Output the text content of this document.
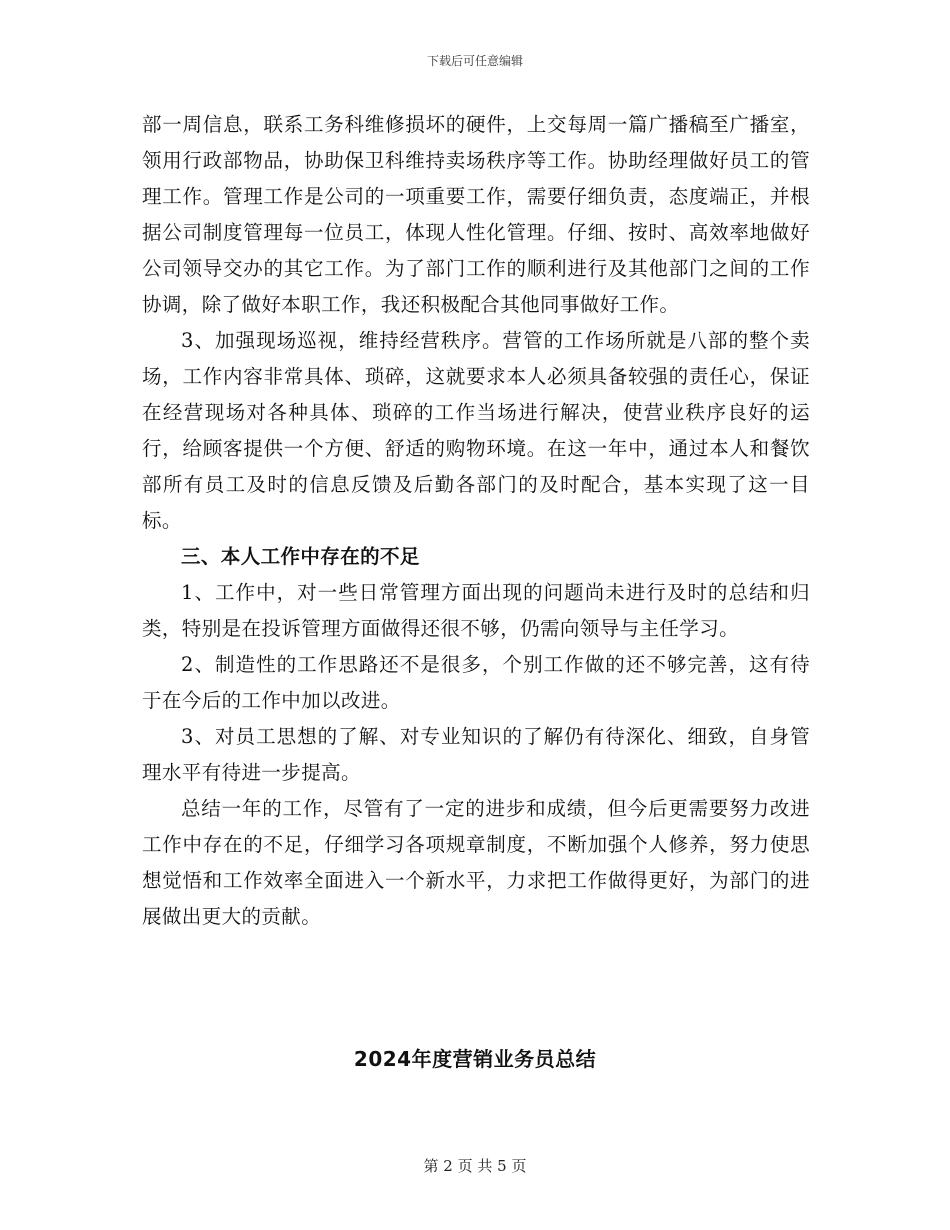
下载后可任意编辑

部一周信息，联系工务科维修损坏的硬件，上交每周一篇广播稿至广播室，领用行政部物品，协助保卫科维持卖场秩序等工作。协助经理做好员工的管理工作。管理工作是公司的一项重要工作，需要仔细负责，态度端正，并根据公司制度管理每一位员工，体现人性化管理。仔细、按时、高效率地做好公司领导交办的其它工作。为了部门工作的顺利进行及其他部门之间的工作协调，除了做好本职工作，我还积极配合其他同事做好工作。

3、加强现场巡视，维持经营秩序。营管的工作场所就是八部的整个卖场，工作内容非常具体、琐碎，这就要求本人必须具备较强的责任心，保证在经营现场对各种具体、琐碎的工作当场进行解决，使营业秩序良好的运行，给顾客提供一个方便、舒适的购物环境。在这一年中，通过本人和餐饮部所有员工及时的信息反馈及后勤各部门的及时配合，基本实现了这一目标。

三、本人工作中存在的不足

1、工作中，对一些日常管理方面出现的问题尚未进行及时的总结和归类，特别是在投诉管理方面做得还很不够，仍需向领导与主任学习。

2、制造性的工作思路还不是很多，个别工作做的还不够完善，这有待于在今后的工作中加以改进。

3、对员工思想的了解、对专业知识的了解仍有待深化、细致，自身管理水平有待进一步提高。

总结一年的工作，尽管有了一定的进步和成绩，但今后更需要努力改进工作中存在的不足，仔细学习各项规章制度，不断加强个人修养，努力使思想觉悟和工作效率全面进入一个新水平，力求把工作做得更好，为部门的进展做出更大的贡献。

2024年度营销业务员总结
第 2 页 共 5 页
